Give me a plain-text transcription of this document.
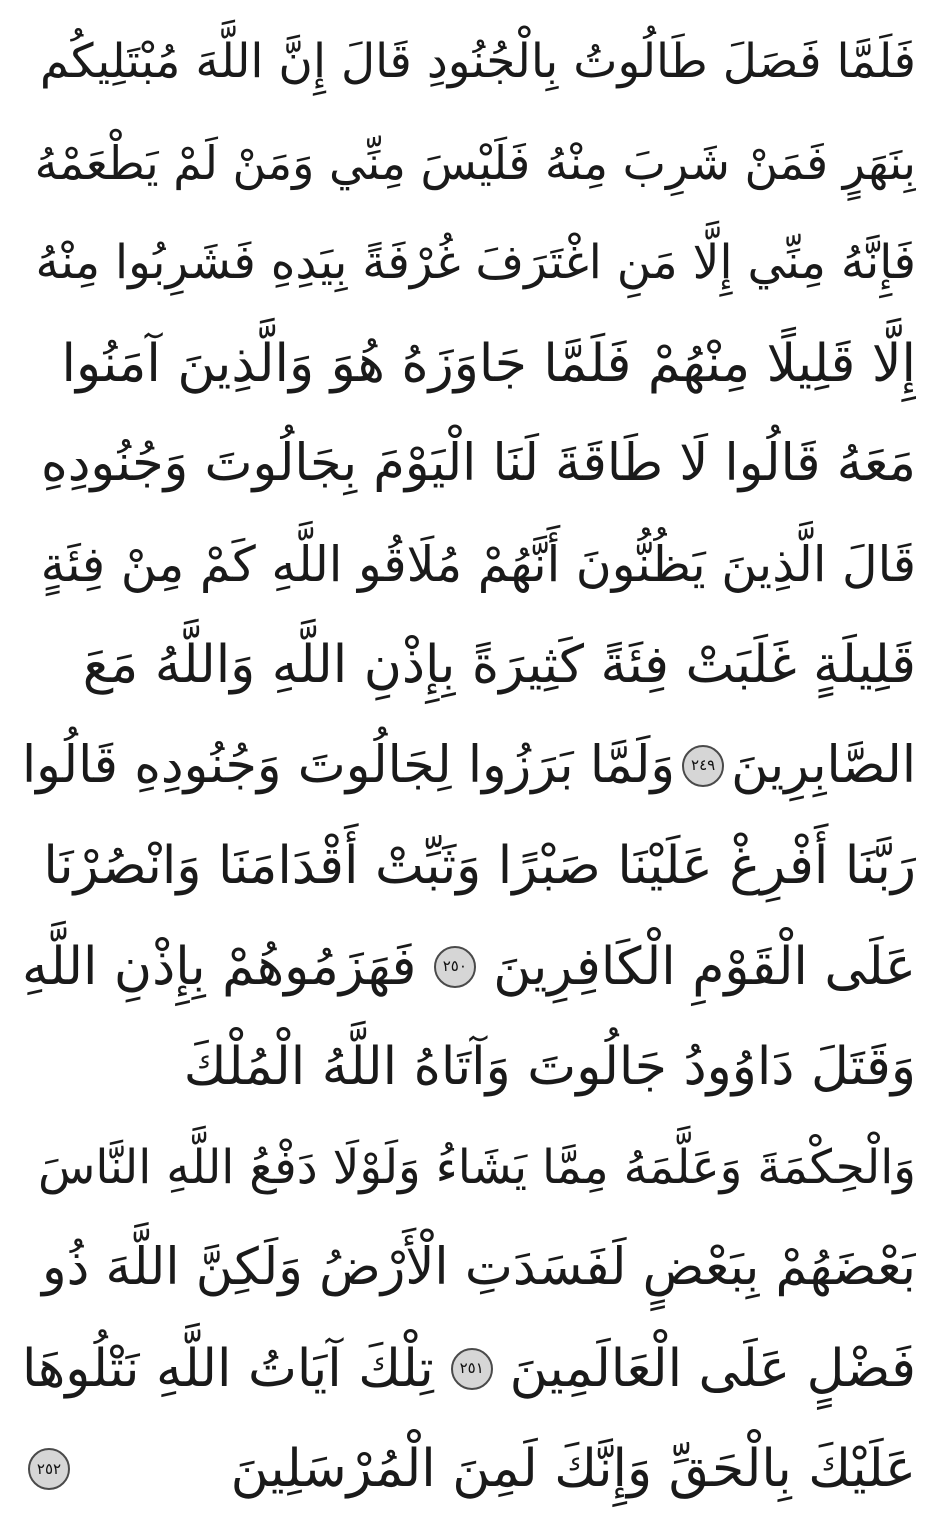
فَلَمَّا فَصَلَ طَالُوتُ بِالْجُنُودِ قَالَ إِنَّ اللَّهَ مُبْتَلِيكُم
بِنَهَرٍ فَمَنْ شَرِبَ مِنْهُ فَلَيْسَ مِنِّي وَمَنْ لَمْ يَطْعَمْهُ
فَإِنَّهُ مِنِّي إِلَّا مَنِ اغْتَرَفَ غُرْفَةً بِيَدِهِ فَشَرِبُوا مِنْهُ
إِلَّا قَلِيلًا مِنْهُمْ فَلَمَّا جَاوَزَهُ هُوَ وَالَّذِينَ آمَنُوا
مَعَهُ قَالُوا لَا طَاقَةَ لَنَا الْيَوْمَ بِجَالُوتَ وَجُنُودِهِ
قَالَ الَّذِينَ يَظُنُّونَ أَنَّهُمْ مُلَاقُو اللَّهِ كَمْ مِنْ فِئَةٍ
قَلِيلَةٍ غَلَبَتْ فِئَةً كَثِيرَةً بِإِذْنِ اللَّهِ وَاللَّهُ مَعَ
الصَّابِرِينَ
٢٤٩
وَلَمَّا بَرَزُوا لِجَالُوتَ وَجُنُودِهِ قَالُوا
رَبَّنَا أَفْرِغْ عَلَيْنَا صَبْرًا وَثَبِّتْ أَقْدَامَنَا وَانْصُرْنَا
عَلَى الْقَوْمِ الْكَافِرِينَ
٢٥٠
فَهَزَمُوهُمْ بِإِذْنِ اللَّهِ
وَقَتَلَ دَاوُودُ جَالُوتَ وَآتَاهُ اللَّهُ الْمُلْكَ
وَالْحِكْمَةَ وَعَلَّمَهُ مِمَّا يَشَاءُ وَلَوْلَا دَفْعُ اللَّهِ النَّاسَ
بَعْضَهُمْ بِبَعْضٍ لَفَسَدَتِ الْأَرْضُ وَلَكِنَّ اللَّهَ ذُو
فَضْلٍ عَلَى الْعَالَمِينَ
٢٥١
تِلْكَ آيَاتُ اللَّهِ نَتْلُوهَا
عَلَيْكَ بِالْحَقِّ وَإِنَّكَ لَمِنَ الْمُرْسَلِينَ
٢٥٢
